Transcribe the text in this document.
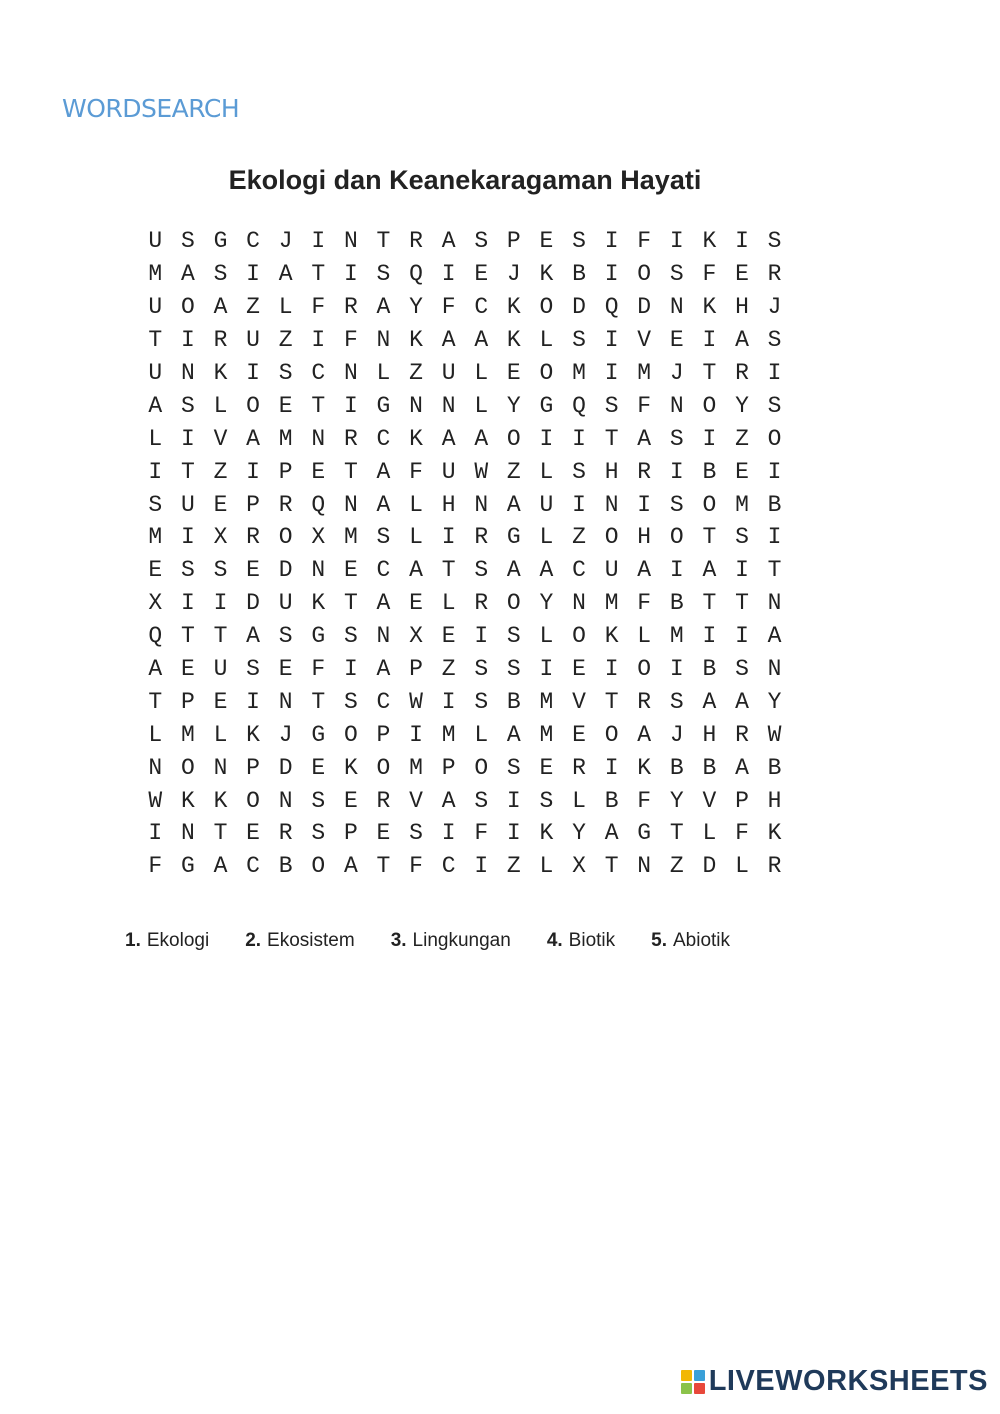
WORDSEARCH
Ekologi dan Keanekaragaman Hayati
U S G C J I N T R A S P E S I F I K I S
M A S I A T I S Q I E J K B I O S F E R
U O A Z L F R A Y F C K O D Q D N K H J
T I R U Z I F N K A A K L S I V E I A S
U N K I S C N L Z U L E O M I M J T R I
A S L O E T I G N N L Y G Q S F N O Y S
L I V A M N R C K A A O I I T A S I Z O
I T Z I P E T A F U W Z L S H R I B E I
S U E P R Q N A L H N A U I N I S O M B
M I X R O X M S L I R G L Z O H O T S I
E S S E D N E C A T S A A C U A I A I T
X I I D U K T A E L R O Y N M F B T T N
Q T T A S G S N X E I S L O K L M I I A
A E U S E F I A P Z S S I E I O I B S N
T P E I N T S C W I S B M V T R S A A Y
L M L K J G O P I M L A M E O A J H R W
N O N P D E K O M P O S E R I K B B A B
W K K O N S E R V A S I S L B F Y V P H
I N T E R S P E S I F I K Y A G T L F K
F G A C B O A T F C I Z L X T N Z D L R
1. Ekologi 2. Ekosistem 3. Lingkungan 4. Biotik 5. Abiotik
LIVEWORKSHEETS
